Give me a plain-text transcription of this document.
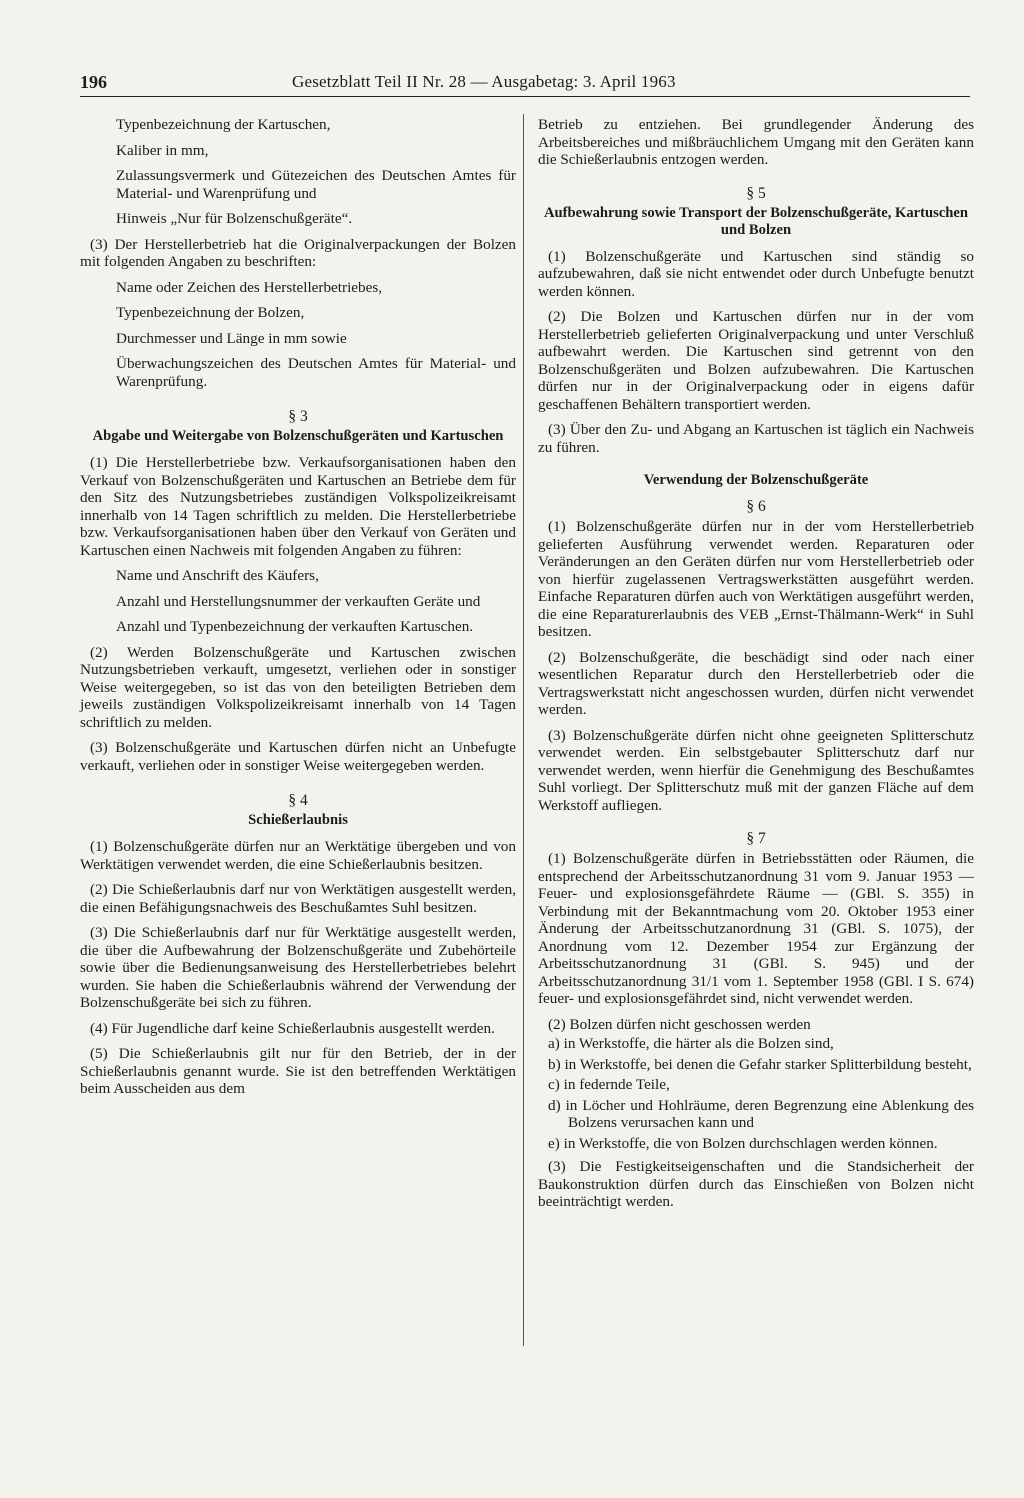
196	Gesetzblatt Teil II Nr. 28 — Ausgabetag: 3. April 1963
Typenbezeichnung der Kartuschen,
Kaliber in mm,
Zulassungsvermerk und Gütezeichen des Deutschen Amtes für Material- und Warenprüfung und
Hinweis „Nur für Bolzenschußgeräte“.

(3) Der Herstellerbetrieb hat die Originalverpackungen der Bolzen mit folgenden Angaben zu beschriften:

Name oder Zeichen des Herstellerbetriebes,
Typenbezeichnung der Bolzen,
Durchmesser und Länge in mm sowie
Überwachungszeichen des Deutschen Amtes für Material- und Warenprüfung.
§ 3
Abgabe und Weitergabe von Bolzenschußgeräten und Kartuschen

(1) Die Herstellerbetriebe bzw. Verkaufsorganisationen haben den Verkauf von Bolzenschußgeräten und Kartuschen an Betriebe dem für den Sitz des Nutzungsbetriebes zuständigen Volkspolizeikreisamt innerhalb von 14 Tagen schriftlich zu melden. Die Herstellerbetriebe bzw. Verkaufsorganisationen haben über den Verkauf von Geräten und Kartuschen einen Nachweis mit folgenden Angaben zu führen:

Name und Anschrift des Käufers,
Anzahl und Herstellungsnummer der verkauften Geräte und
Anzahl und Typenbezeichnung der verkauften Kartuschen.

(2) Werden Bolzenschußgeräte und Kartuschen zwischen Nutzungsbetrieben verkauft, umgesetzt, verliehen oder in sonstiger Weise weitergegeben, so ist das von den beteiligten Betrieben dem jeweils zuständigen Volkspolizeikreisamt innerhalb von 14 Tagen schriftlich zu melden.

(3) Bolzenschußgeräte und Kartuschen dürfen nicht an Unbefugte verkauft, verliehen oder in sonstiger Weise weitergegeben werden.

§ 4
Schießerlaubnis

(1) Bolzenschußgeräte dürfen nur an Werktätige übergeben und von Werktätigen verwendet werden, die eine Schießerlaubnis besitzen.

(2) Die Schießerlaubnis darf nur von Werktätigen ausgestellt werden, die einen Befähigungsnachweis des Beschußamtes Suhl besitzen.

(3) Die Schießerlaubnis darf nur für Werktätige ausgestellt werden, die über die Aufbewahrung der Bolzenschußgeräte und Zubehörteile sowie über die Bedienungsanweisung des Herstellerbetriebes belehrt wurden. Sie haben die Schießerlaubnis während der Verwendung der Bolzenschußgeräte bei sich zu führen.

(4) Für Jugendliche darf keine Schießerlaubnis ausgestellt werden.

(5) Die Schießerlaubnis gilt nur für den Betrieb, der in der Schießerlaubnis genannt wurde. Sie ist den betreffenden Werktätigen beim Ausscheiden aus dem

Betrieb zu entziehen. Bei grundlegender Änderung des Arbeitsbereiches und mißbräuchlichem Umgang mit den Geräten kann die Schießerlaubnis entzogen werden.

§ 5
Aufbewahrung sowie Transport der Bolzenschußgeräte, Kartuschen und Bolzen

(1) Bolzenschußgeräte und Kartuschen sind ständig so aufzubewahren, daß sie nicht entwendet oder durch Unbefugte benutzt werden können.

(2) Die Bolzen und Kartuschen dürfen nur in der vom Herstellerbetrieb gelieferten Originalverpackung und unter Verschluß aufbewahrt werden. Die Kartuschen sind getrennt von den Bolzenschußgeräten und Bolzen aufzubewahren. Die Kartuschen dürfen nur in der Originalverpackung oder in eigens dafür geschaffenen Behältern transportiert werden.

(3) Über den Zu- und Abgang an Kartuschen ist täglich ein Nachweis zu führen.

Verwendung der Bolzenschußgeräte
§ 6

(1) Bolzenschußgeräte dürfen nur in der vom Herstellerbetrieb gelieferten Ausführung verwendet werden. Reparaturen oder Veränderungen an den Geräten dürfen nur vom Herstellerbetrieb oder von hierfür zugelassenen Vertragswerkstätten ausgeführt werden. Einfache Reparaturen dürfen auch von Werktätigen ausgeführt werden, die eine Reparaturerlaubnis des VEB „Ernst-Thälmann-Werk“ in Suhl besitzen.

(2) Bolzenschußgeräte, die beschädigt sind oder nach einer wesentlichen Reparatur durch den Herstellerbetrieb oder die Vertragswerkstatt nicht angeschossen wurden, dürfen nicht verwendet werden.

(3) Bolzenschußgeräte dürfen nicht ohne geeigneten Splitterschutz verwendet werden. Ein selbstgebauter Splitterschutz darf nur verwendet werden, wenn hierfür die Genehmigung des Beschußamtes Suhl vorliegt. Der Splitterschutz muß mit der ganzen Fläche auf dem Werkstoff aufliegen.

§ 7

(1) Bolzenschußgeräte dürfen in Betriebsstätten oder Räumen, die entsprechend der Arbeitsschutzanordnung 31 vom 9. Januar 1953 — Feuer- und explosionsgefährdete Räume — (GBl. S. 355) in Verbindung mit der Bekanntmachung vom 20. Oktober 1953 einer Änderung der Arbeitsschutzanordnung 31 (GBl. S. 1075), der Anordnung vom 12. Dezember 1954 zur Ergänzung der Arbeitsschutzanordnung 31 (GBl. S. 945) und der Arbeitsschutzanordnung 31/1 vom 1. September 1958 (GBl. I S. 674) feuer- und explosionsgefährdet sind, nicht verwendet werden.

(2) Bolzen dürfen nicht geschossen werden

a) in Werkstoffe, die härter als die Bolzen sind,
b) in Werkstoffe, bei denen die Gefahr starker Splitterbildung besteht,
c) in federnde Teile,
d) in Löcher und Hohlräume, deren Begrenzung eine Ablenkung des Bolzens verursachen kann und
e) in Werkstoffe, die von Bolzen durchschlagen werden können.

(3) Die Festigkeitseigenschaften und die Standsicherheit der Baukonstruktion dürfen durch das Einschießen von Bolzen nicht beeinträchtigt werden.
